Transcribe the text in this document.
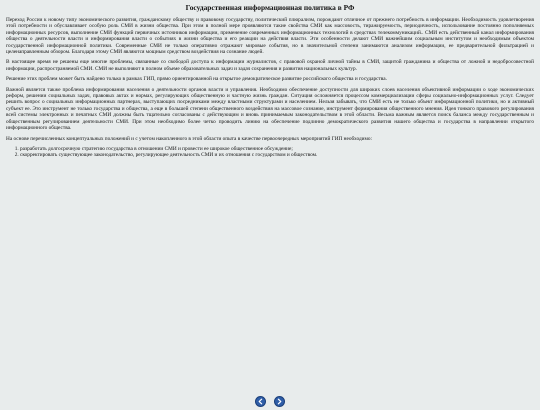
Государственная информационная политика в РФ

Переход России к новому типу экономического развития, гражданскому обществу и правовому государству, политический плюрализм, порождают отличное от прежнего потребность в информации. Необходимость удовлетворения этой потребности и обуславливает особую роль СМИ в жизни общества. При этом в полной мере проявляются такие свойства СМИ как массовость, тиражируемость, периодичность, использование постоянно пополняемых информационных ресурсов, выполнение СМИ функций первичных источников информации, применение современных информационных технологий в средствах телекоммуникаций.. СМИ есть действенный канал информирования общества о деятельности власти и информирования власти о событиях в жизни общества и его реакции на действия власти. Эти особенности делают СМИ важнейшим социальным институтом и необходимым объектом государственной информационной политики. Современные СМИ не только оперативно отражают мировые события, но в значительной степени занимаются анализом информации, ее предварительной фильтрацией и целенаправленным обзором. Благодаря этому СМИ являются мощным средством воздействия на сознание людей.

В настоящее время не решены еще многие проблемы, связанные со свободой доступа к информации журналистов, с правовой охраной личной тайны в СМИ, защитой гражданина и общества от ложной и недобросовестной информации, распространяемой СМИ. СМИ не выполняют в полном объеме образовательных задач и задач сохранения и развития национальных культур.

Решение этих проблем может быть найдено только в рамках ГИП, прямо ориентированной на открытое демократическое развитие российского общества и государства.

Важной является также проблема информирования населения о деятельности органов власти и управления. Необходимо обеспечение доступности для широких слоев населения объективной информации о ходе экономических реформ, решении социальных задач, правовых актах и нормах, регулирующих общественную и частную жизнь граждан. Ситуация осложняется процессом коммерциализации сферы социально-информационных услуг. Следует решить вопрос о социальных информационных партнерах, выступающих посредниками между властными структурами и населением. Нельзя забывать, что СМИ есть не только объект информационной политики, но и активный субъект ее. Это инструмент не только государства и общества, а еще в большей степени общественного воздействия на массовое сознание, инструмент формирования общественного мнения. Идея тонкого правового регулирования всей системы электронных и печатных СМИ должны быть тщательно согласованы с действующим и вновь принимаемым законодательством в этой области. Весьма важным является поиск баланса между государственным и общественным регулированием деятельности СМИ. При этом необходимо более четко проводить линию на обеспечение подлинно демократического развития нашего общества и государства в направлении открытого информационного общества.

На основе перечисленных концептуальных положений и с учетом накопленного в этой области опыта в качестве первоочередных мероприятий ГИП необходимо:

1. разработать долгосрочную стратегию государства в отношении СМИ и провести ее широкое общественное обсуждение;
2. скорректировать существующее законодательство, регулирующее деятельность СМИ и их отношения с государством и обществом.
